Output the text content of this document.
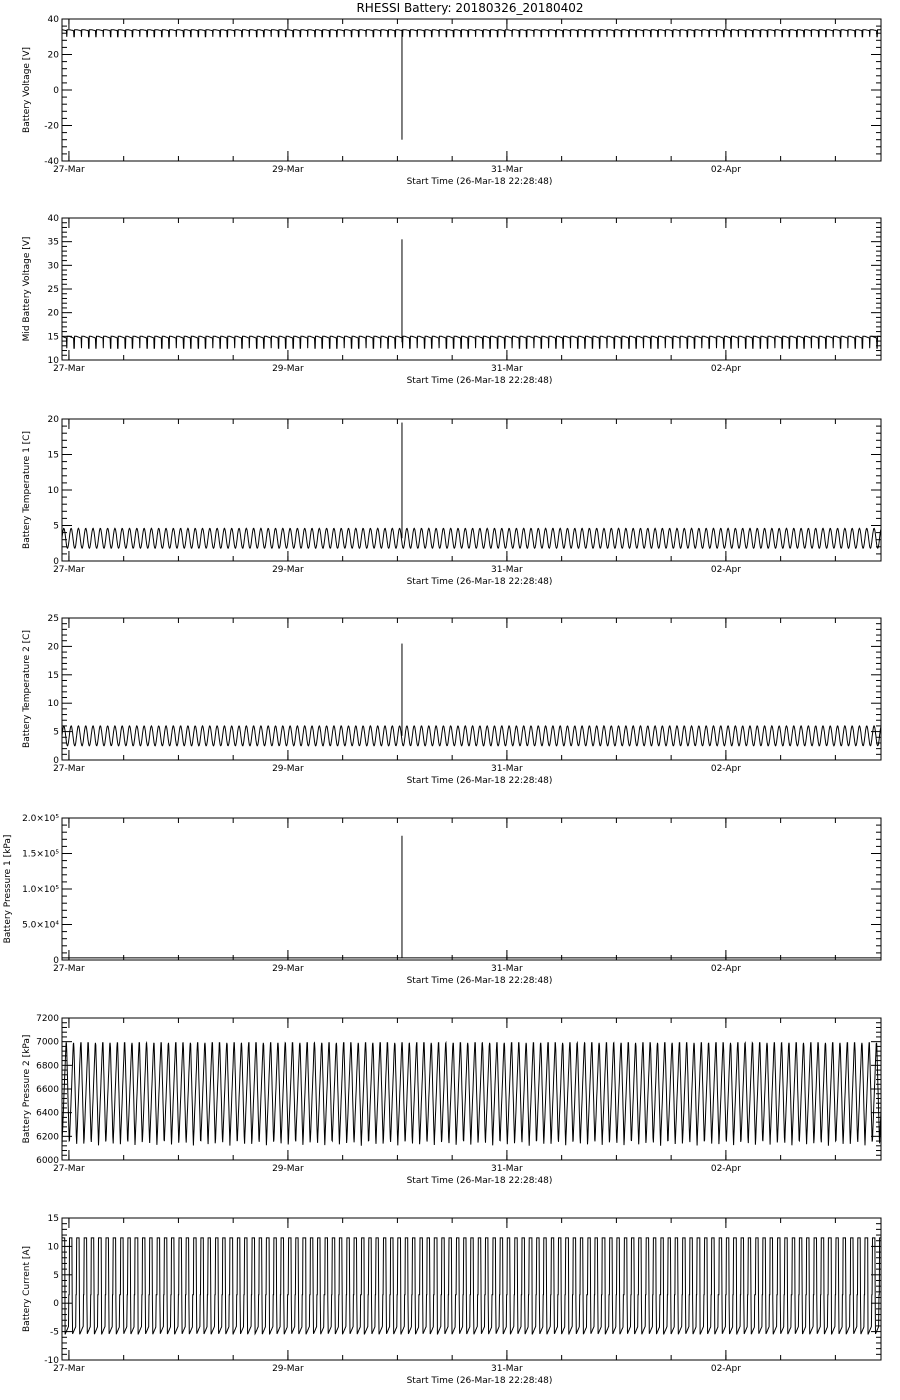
RHESSI Battery: 20180326_20180402
27-Mar	29-Mar	31-Mar	02-Apr
-40
-20
0
20
40
Start Time (26-Mar-18 22:28:48)
Battery Voltage [V]
27-Mar	29-Mar	31-Mar	02-Apr
10
15
20
25
30
35
40
Start Time (26-Mar-18 22:28:48)
Mid Battery Voltage [V]
27-Mar	29-Mar	31-Mar	02-Apr
0
5
10
15
20
Start Time (26-Mar-18 22:28:48)
Battery Temperature 1 [C]
27-Mar	29-Mar	31-Mar	02-Apr
0
5
10
15
20
25
Start Time (26-Mar-18 22:28:48)
Battery Temperature 2 [C]
27-Mar	29-Mar	31-Mar	02-Apr
0
5.0×10⁴
1.0×10⁵
1.5×10⁵
2.0×10⁵
Start Time (26-Mar-18 22:28:48)
Battery Pressure 1 [kPa]
27-Mar	29-Mar	31-Mar	02-Apr
6000
6200
6400
6600
6800
7000
7200
Start Time (26-Mar-18 22:28:48)
Battery Pressure 2 [kPa]
27-Mar	29-Mar	31-Mar	02-Apr
-10
-5
0
5
10
15
Start Time (26-Mar-18 22:28:48)
Battery Current [A]
